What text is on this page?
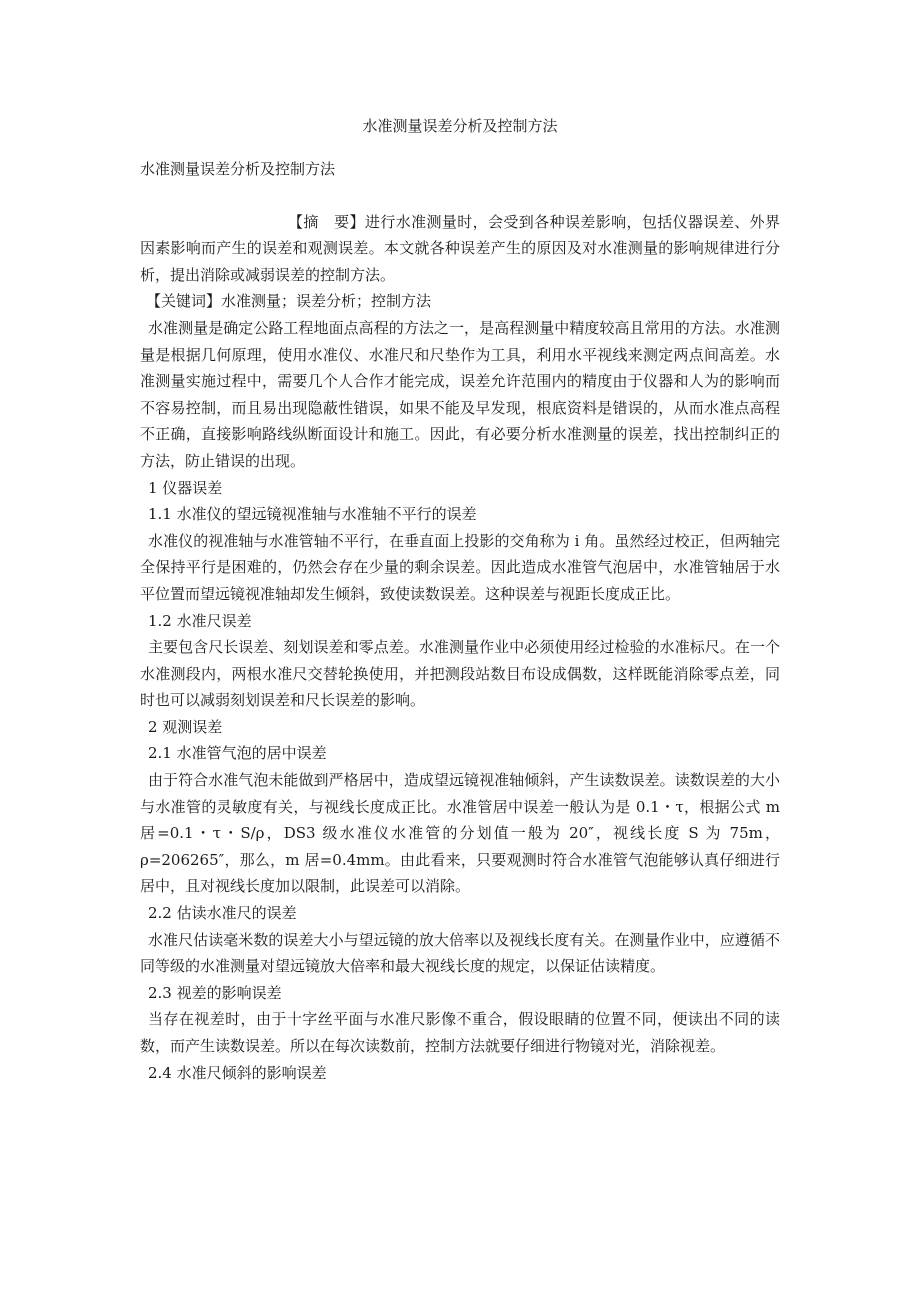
水准测量误差分析及控制方法

水准测量误差分析及控制方法

【摘　要】进行水准测量时，会受到各种误差影响，包括仪器误差、外界因素影响而产生的误差和观测误差。本文就各种误差产生的原因及对水准测量的影响规律进行分析，提出消除或减弱误差的控制方法。

【关键词】水准测量；误差分析；控制方法

水准测量是确定公路工程地面点高程的方法之一，是高程测量中精度较高且常用的方法。水准测量是根据几何原理，使用水准仪、水准尺和尺垫作为工具，利用水平视线来测定两点间高差。水准测量实施过程中，需要几个人合作才能完成，误差允许范围内的精度由于仪器和人为的影响而不容易控制，而且易出现隐蔽性错误，如果不能及早发现，根底资料是错误的，从而水准点高程不正确，直接影响路线纵断面设计和施工。因此，有必要分析水准测量的误差，找出控制纠正的方法，防止错误的出现。

1 仪器误差

1.1 水准仪的望远镜视准轴与水准轴不平行的误差

水准仪的视准轴与水准管轴不平行，在垂直面上投影的交角称为 i 角。虽然经过校正，但两轴完全保持平行是困难的，仍然会存在少量的剩余误差。因此造成水准管气泡居中，水准管轴居于水平位置而望远镜视准轴却发生倾斜，致使读数误差。这种误差与视距长度成正比。

1.2 水准尺误差

主要包含尺长误差、刻划误差和零点差。水准测量作业中必须使用经过检验的水准标尺。在一个水准测段内，两根水准尺交替轮换使用，并把测段站数目布设成偶数，这样既能消除零点差，同时也可以减弱刻划误差和尺长误差的影响。

2 观测误差

2.1 水准管气泡的居中误差

由于符合水准气泡未能做到严格居中，造成望远镜视准轴倾斜，产生读数误差。读数误差的大小与水准管的灵敏度有关，与视线长度成正比。水准管居中误差一般认为是 0.1・τ，根据公式 m 居=0.1・τ・S/ρ，DS3 级水准仪水准管的分划值一般为 20″，视线长度 S 为 75m，ρ=206265″，那么，m 居=0.4mm。由此看来，只要观测时符合水准管气泡能够认真仔细进行居中，且对视线长度加以限制，此误差可以消除。

2.2 估读水准尺的误差

水准尺估读毫米数的误差大小与望远镜的放大倍率以及视线长度有关。在测量作业中，应遵循不同等级的水准测量对望远镜放大倍率和最大视线长度的规定，以保证估读精度。

2.3 视差的影响误差

当存在视差时，由于十字丝平面与水准尺影像不重合，假设眼睛的位置不同，便读出不同的读数，而产生读数误差。所以在每次读数前，控制方法就要仔细进行物镜对光，消除视差。

2.4 水准尺倾斜的影响误差
